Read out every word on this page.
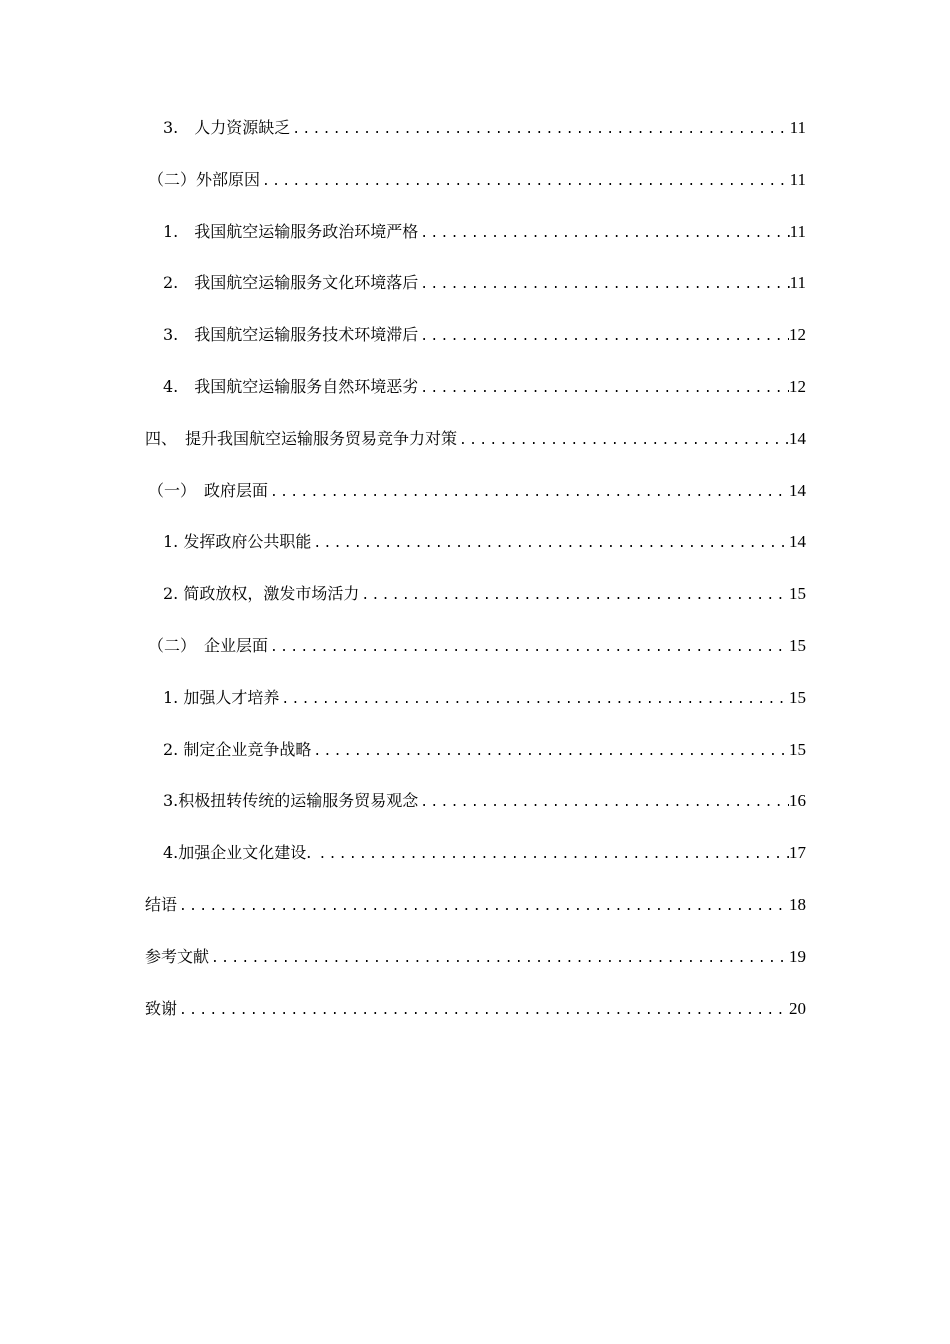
3.　人力资源缺乏 .....	11
（二）外部原因 .....	11
1.　我国航空运输服务政治环境严格 .....	11
2.　我国航空运输服务文化环境落后 .....	11
3.　我国航空运输服务技术环境滞后 .....	12
4.　我国航空运输服务自然环境恶劣 .....	12
四、　提升我国航空运输服务贸易竞争力对策 .....	14
（一）　政府层面 .....	14
1. 发挥政府公共职能 .....	14
2. 简政放权，激发市场活力 .....	15
（二）　企业层面 .....	15
1. 加强人才培养 .....	15
2. 制定企业竞争战略 .....	15
3.积极扭转传统的运输服务贸易观念 .....	16
4.加强企业文化建设. .....	17
结语 .....	18
参考文献 .....	19
致谢 .....	20
